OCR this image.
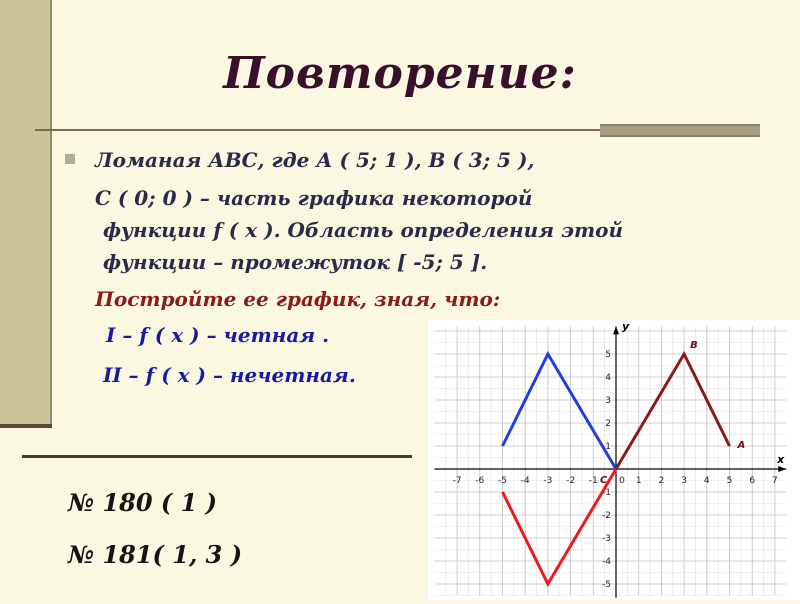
Повторение:
Ломаная АВС, где А ( 5; 1 ), В ( 3; 5 ),
С ( 0; 0 ) – часть графика некоторой
функции f ( x ). Область определения этой
функции – промежуток [ -5; 5 ].
Постройте ее график, зная, что:
I – f ( x ) – четная .
II – f ( x ) – нечетная.
№ 180 ( 1 )
№ 181( 1, 3 )
x
y
-7 -6 -5 -4 -3 -2 -1 0 1 2 3 4 5 6 7
5
4
3
2
1
-1
-2
-3
-4
-5
A
B
C
